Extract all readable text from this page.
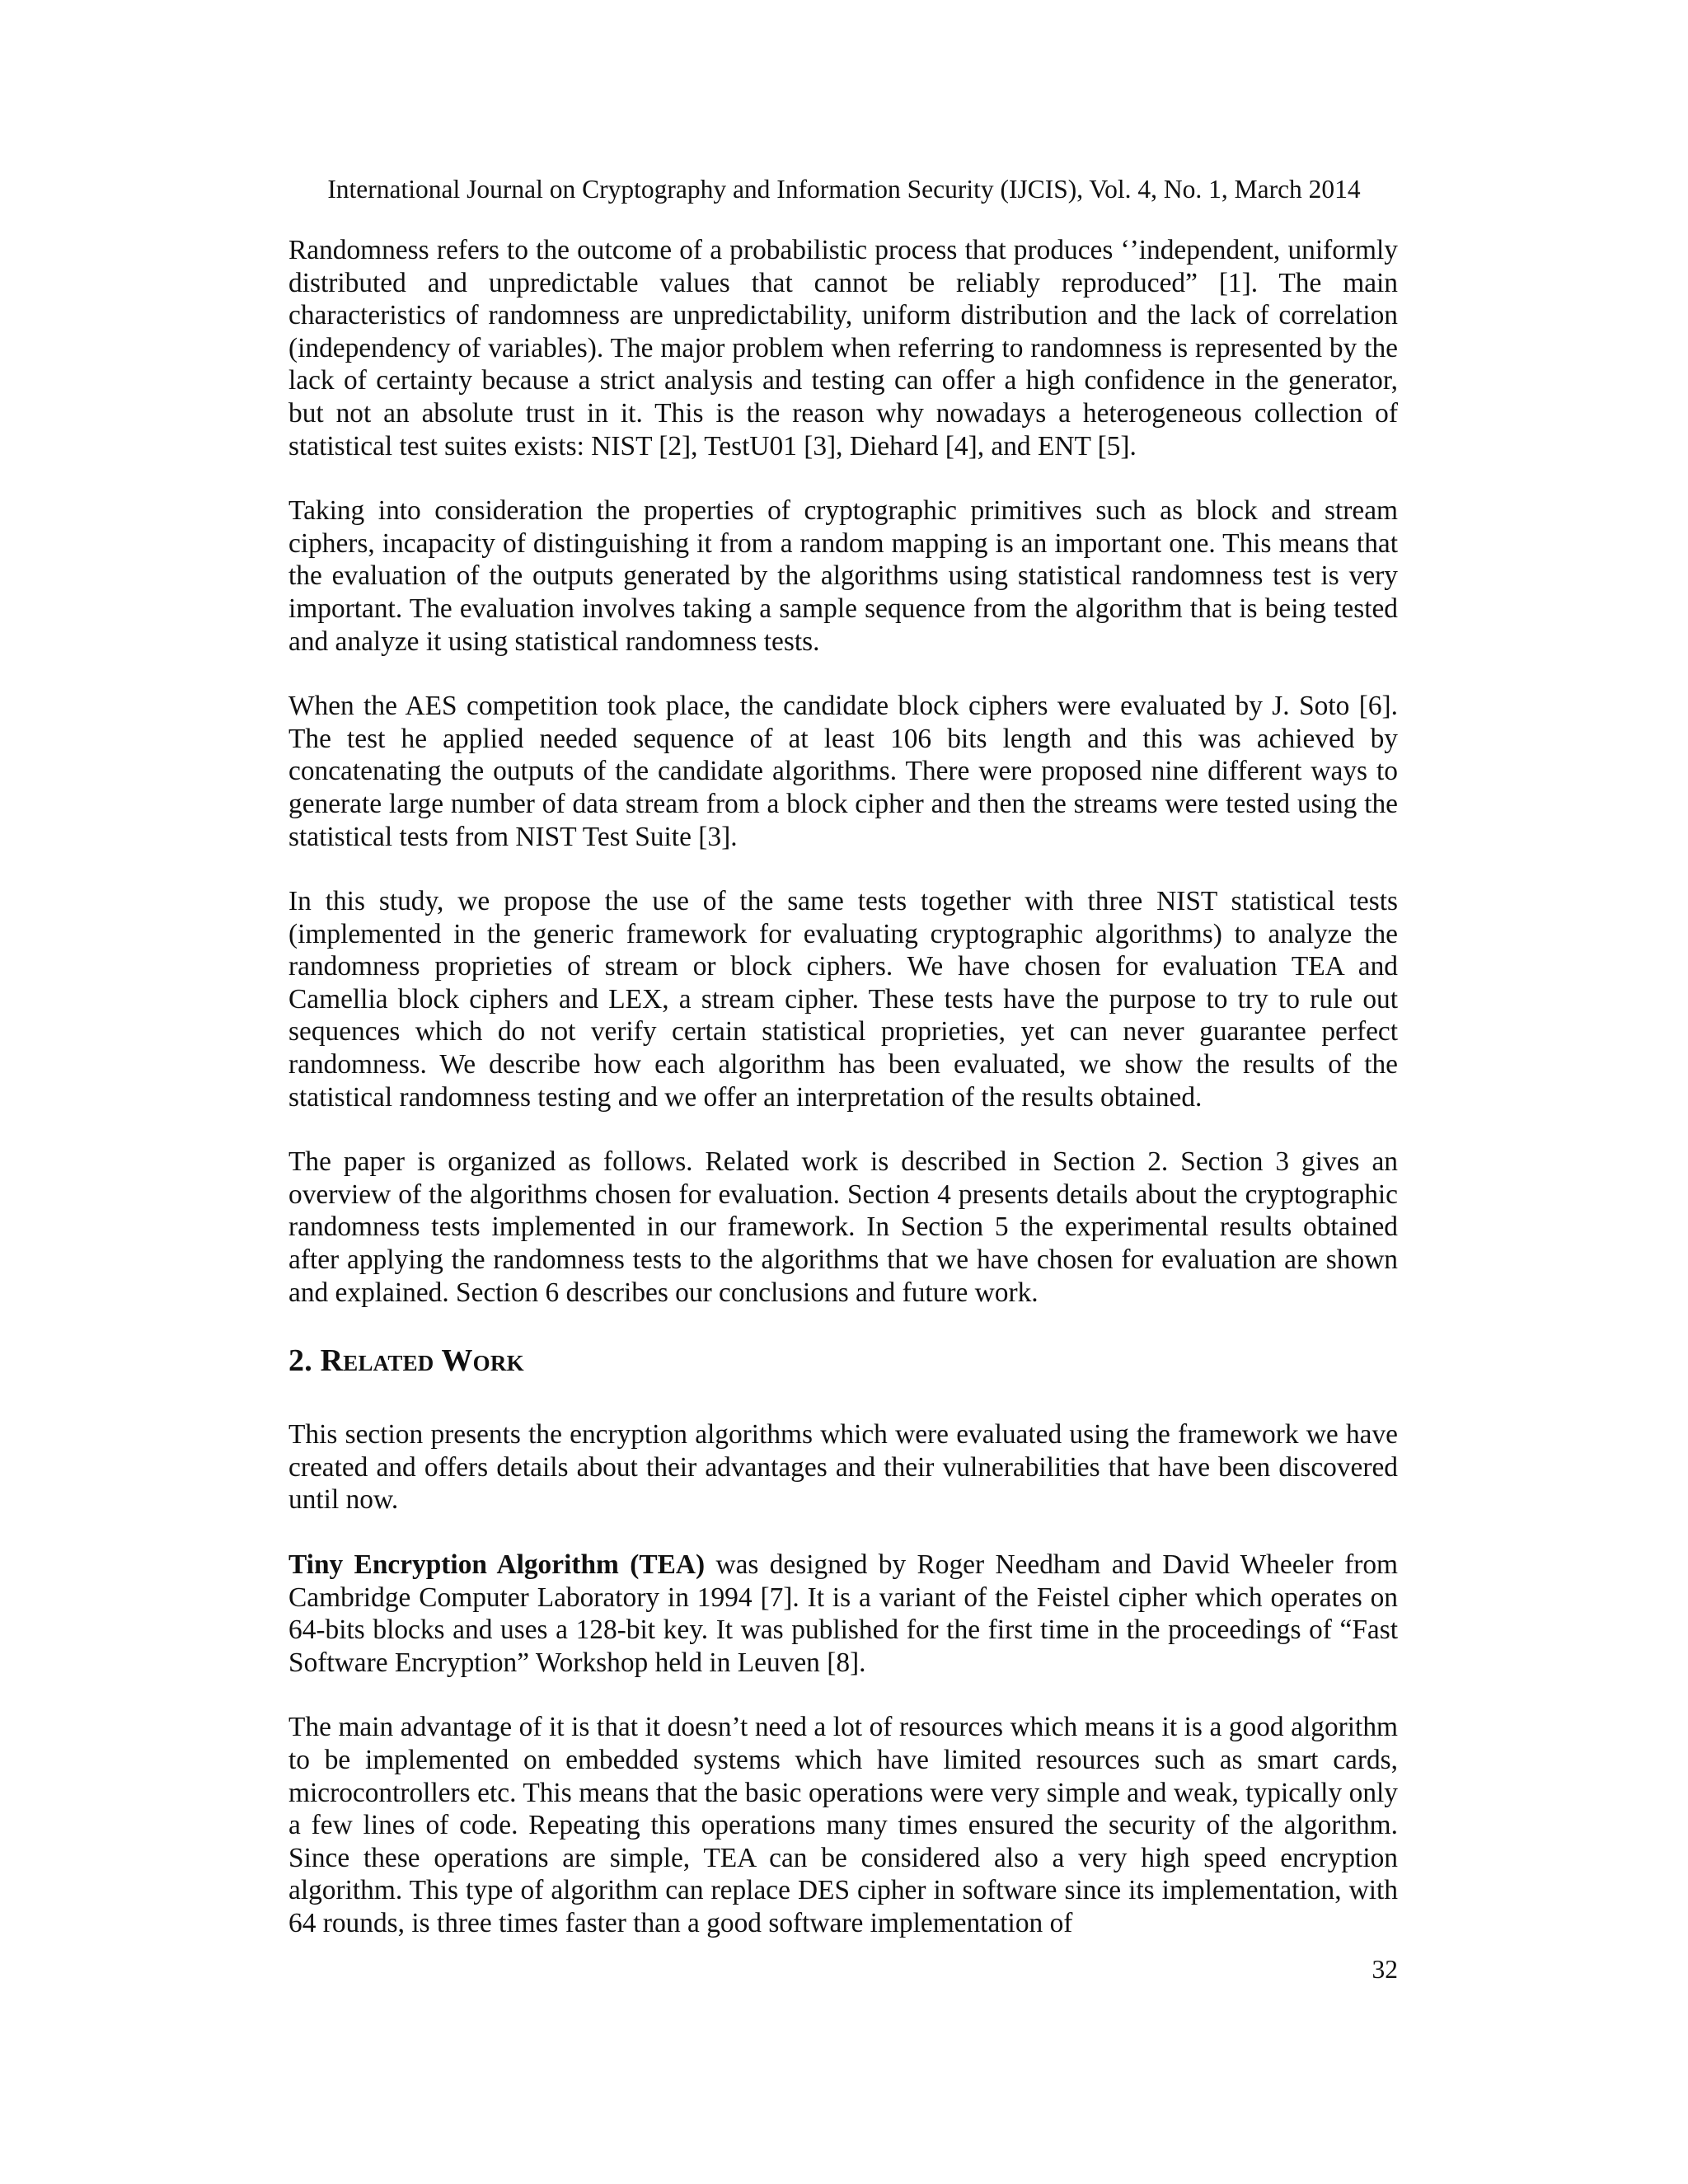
International Journal on Cryptography and Information Security (IJCIS), Vol. 4, No. 1, March 2014

Randomness refers to the outcome of a probabilistic process that produces ‘’independent, uniformly distributed and unpredictable values that cannot be reliably reproduced” [1]. The main characteristics of randomness are unpredictability, uniform distribution and the lack of correlation (independency of variables). The major problem when referring to randomness is represented by the lack of certainty because a strict analysis and testing can offer a high confidence in the generator, but not an absolute trust in it. This is the reason why nowadays a heterogeneous collection of statistical test suites exists: NIST [2], TestU01 [3], Diehard [4], and ENT [5].

Taking into consideration the properties of cryptographic primitives such as block and stream ciphers, incapacity of distinguishing it from a random mapping is an important one. This means that the evaluation of the outputs generated by the algorithms using statistical randomness test is very important. The evaluation involves taking a sample sequence from the algorithm that is being tested and analyze it using statistical randomness tests.

When the AES competition took place, the candidate block ciphers were evaluated by J. Soto [6]. The test he applied needed sequence of at least 106 bits length and this was achieved by concatenating the outputs of the candidate algorithms. There were proposed nine different ways to generate large number of data stream from a block cipher and then the streams were tested using the statistical tests from NIST Test Suite [3].

In this study, we propose the use of the same tests together with three NIST statistical tests (implemented in the generic framework for evaluating cryptographic algorithms) to analyze the randomness proprieties of stream or block ciphers. We have chosen for evaluation TEA and Camellia block ciphers and LEX, a stream cipher. These tests have the purpose to try to rule out sequences which do not verify certain statistical proprieties, yet can never guarantee perfect randomness. We describe how each algorithm has been evaluated, we show the results of the statistical randomness testing and we offer an interpretation of the results obtained.

The paper is organized as follows. Related work is described in Section 2. Section 3 gives an overview of the algorithms chosen for evaluation. Section 4 presents details about the cryptographic randomness tests implemented in our framework. In Section 5 the experimental results obtained after applying the randomness tests to the algorithms that we have chosen for evaluation are shown and explained. Section 6 describes our conclusions and future work.

2. Related Work

This section presents the encryption algorithms which were evaluated using the framework we have created and offers details about their advantages and their vulnerabilities that have been discovered until now.

Tiny Encryption Algorithm (TEA) was designed by Roger Needham and David Wheeler from Cambridge Computer Laboratory in 1994 [7]. It is a variant of the Feistel cipher which operates on 64-bits blocks and uses a 128-bit key. It was published for the first time in the proceedings of “Fast Software Encryption” Workshop held in Leuven [8].

The main advantage of it is that it doesn’t need a lot of resources which means it is a good algorithm to be implemented on embedded systems which have limited resources such as smart cards, microcontrollers etc. This means that the basic operations were very simple and weak, typically only a few lines of code. Repeating this operations many times ensured the security of the algorithm. Since these operations are simple, TEA can be considered also a very high speed encryption algorithm. This type of algorithm can replace DES cipher in software since its implementation, with 64 rounds, is three times faster than a good software implementation of

32
